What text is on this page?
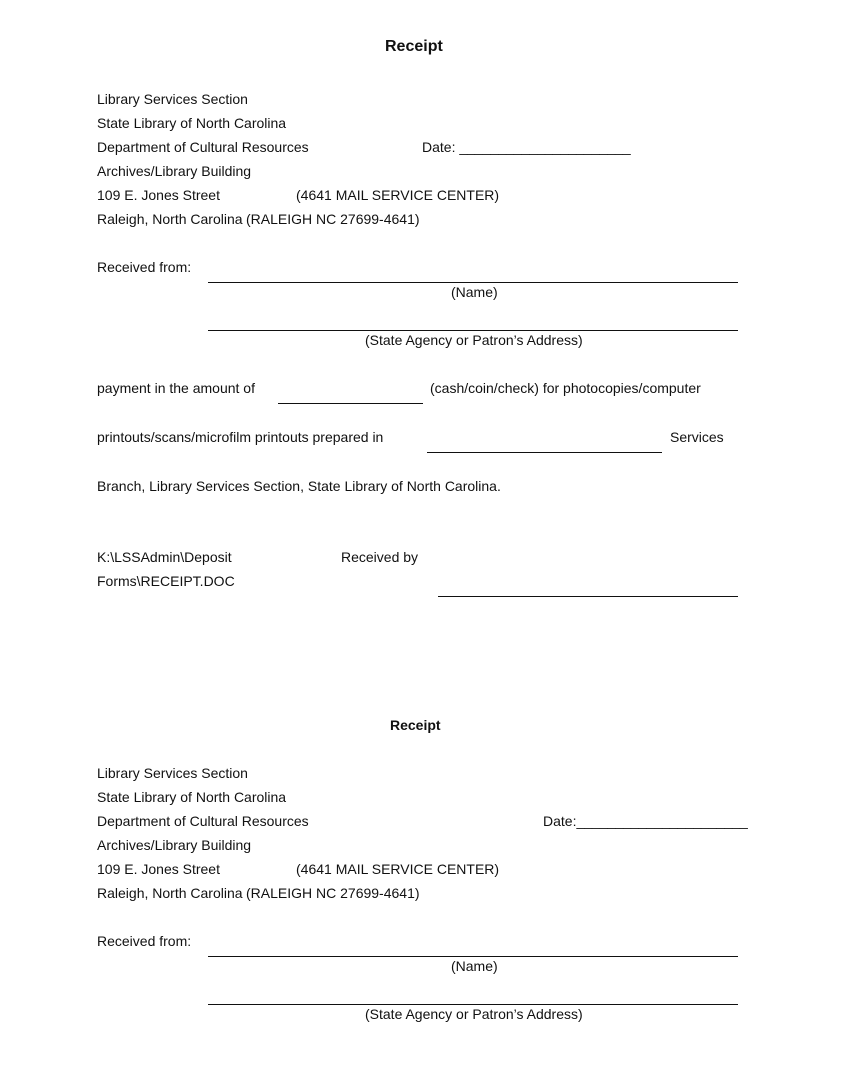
Receipt
Library Services Section
State Library of North Carolina
Department of Cultural Resources	Date: ______________________
Archives/Library Building
109 E. Jones Street	(4641 MAIL SERVICE CENTER)
Raleigh, North Carolina (RALEIGH NC 27699-4641)
Received from:
(Name)
(State Agency or Patron’s Address)
payment in the amount of	(cash/coin/check) for photocopies/computer
printouts/scans/microfilm printouts prepared in	Services
Branch, Library Services Section, State Library of North Carolina.
K:\LSSAdmin\Deposit
Forms\RECEIPT.DOC
Received by
Receipt
Library Services Section
State Library of North Carolina
Department of Cultural Resources	Date:______________________
Archives/Library Building
109 E. Jones Street	(4641 MAIL SERVICE CENTER)
Raleigh, North Carolina (RALEIGH NC 27699-4641)
Received from:
(Name)
(State Agency or Patron’s Address)
